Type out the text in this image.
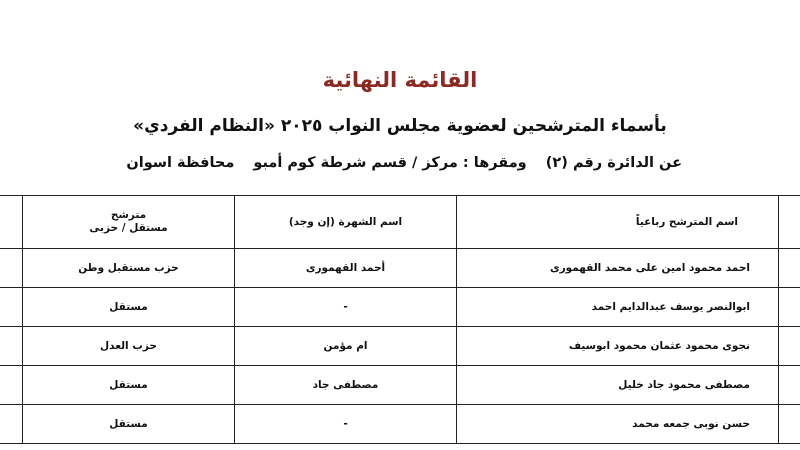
القائمة النهائية
بأسماء المترشحين لعضوية مجلس النواب ٢٠٢٥ «النظام الفردي»
عن الدائرة رقم (٢) ومقرها : مركز / قسم شرطة كوم أمبو محافظة اسوان
	اسم المترشح رباعياً	اسم الشهرة (إن وجد)	مترشح
مستقل / حزبى	

	احمد محمود امين على محمد القهمورى	أحمد القهمورى	حزب مستقبل وطن	
	ابوالنصر يوسف عبدالدايم احمد	-	مستقل	
	نجوى محمود عثمان محمود ابوسيف	ام مؤمن	حزب العدل	
	مصطفى محمود جاد خليل	مصطفى جاد	مستقل	
	حسن نوبى جمعه محمد	-	مستقل	
